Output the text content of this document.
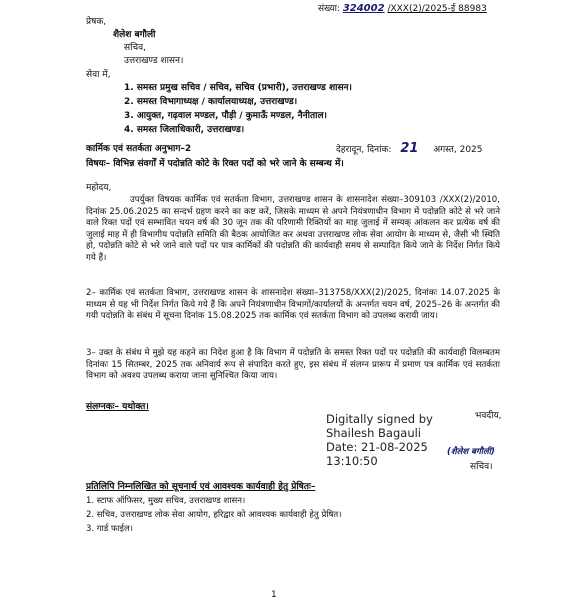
संख्या: 324002 /XXX(2)/2025-ई 88983
प्रेषक,
शैलेश बगौली
सचिव,
उत्तराखण्ड शासन।
सेवा में,
1. समस्त प्रमुख सचिव / सचिव, सचिव (प्रभारी), उत्तराखण्ड शासन।
2. समस्त विभागाध्यक्ष / कार्यालयाध्यक्ष, उत्तराखण्ड।
3. आयुक्त, गढ़वाल मण्डल, पौड़ी / कुमाऊँ मण्डल, नैनीताल।
4. समस्त जिलाधिकारी, उत्तराखण्ड।
कार्मिक एवं सतर्कता अनुभाग–2	देहरादून, दिनांक: 21 अगस्त, 2025
विषयः– विभिन्न संवर्गों में पदोन्नति कोटे के रिक्त पदों को भरे जाने के सम्बन्ध में।
महोदय,

उपर्युक्त विषयक कार्मिक एवं सतर्कता विभाग, उत्तराखण्ड शासन के शासनादेश संख्या–309103 /XXX(2)/2010, दिनांक 25.06.2025 का सन्दर्भ ग्रहण करने का कष्ट करें, जिसके माध्यम से अपने नियंत्रणाधीन विभाग में पदोन्नति कोटे से भरे जाने वाले रिक्त पदों एवं सम्भावित चयन वर्ष की 30 जून तक की परिणामी रिक्तियों का माह जुलाई में सम्यक् आंकलन कर प्रत्येक वर्ष की जुलाई माह में ही विभागीय पदोन्नति समिति की बैठक आयोजित कर अथवा उत्तराखण्ड लोक सेवा आयोग के माध्यम से, जैसी भी स्थिति हो, पदोन्नति कोटे से भरे जाने वाले पदों पर पात्र कार्मिकों की पदोन्नति की कार्यवाही समय से सम्पादित किये जाने के निर्देश निर्गत किये गये हैं।

2– कार्मिक एवं सतर्कता विभाग, उत्तराखण्ड शासन के शासनादेश संख्या–313758/XXX(2)/2025, दिनांकः 14.07.2025 के माध्यम से यह भी निर्देश निर्गत किये गये हैं कि अपने नियंत्रणाधीन विभागों/कार्यालयों के अन्तर्गत चयन वर्ष, 2025–26 के अन्तर्गत की गयी पदोन्नति के संबंध में सूचना दिनांक 15.08.2025 तक कार्मिक एवं सतर्कता विभाग को उपलब्ध करायी जाय।

3– उक्त के संबंध मे मुझे यह कहने का निदेश हुआ है कि विभाग में पदोन्नति के समस्त रिक्त पदों पर पदोन्नति की कार्यवाही विलम्बतम दिनांकः 15 सितम्बर, 2025 तक अनिवार्य रूप से संपादित करते हुए, इस संबंध में संलग्न प्रारूप में प्रमाण पत्र कार्मिक एवं सतर्कता विभाग को अवश्य उपलब्ध कराया जाना सुनिश्चित किया जाय।

संलग्नकः– यथोक्त।
Digitally signed by
Shailesh Bagauli
Date: 21-08-2025
13:10:50
भवदीय,
(शैलेश बगौली)
सचिव।
प्रतिलिपि निम्नलिखित को सूचनार्थ एवं आवश्यक कार्यवाही हेतु प्रेषितः–
1. स्टाफ ऑफिसर, मुख्य सचिव, उत्तराखण्ड शासन।
2. सचिव, उत्तराखण्ड लोक सेवा आयोग, हरिद्वार को आवश्यक कार्यवाही हेतु प्रेषित।
3. गार्ड फाईल।
1
